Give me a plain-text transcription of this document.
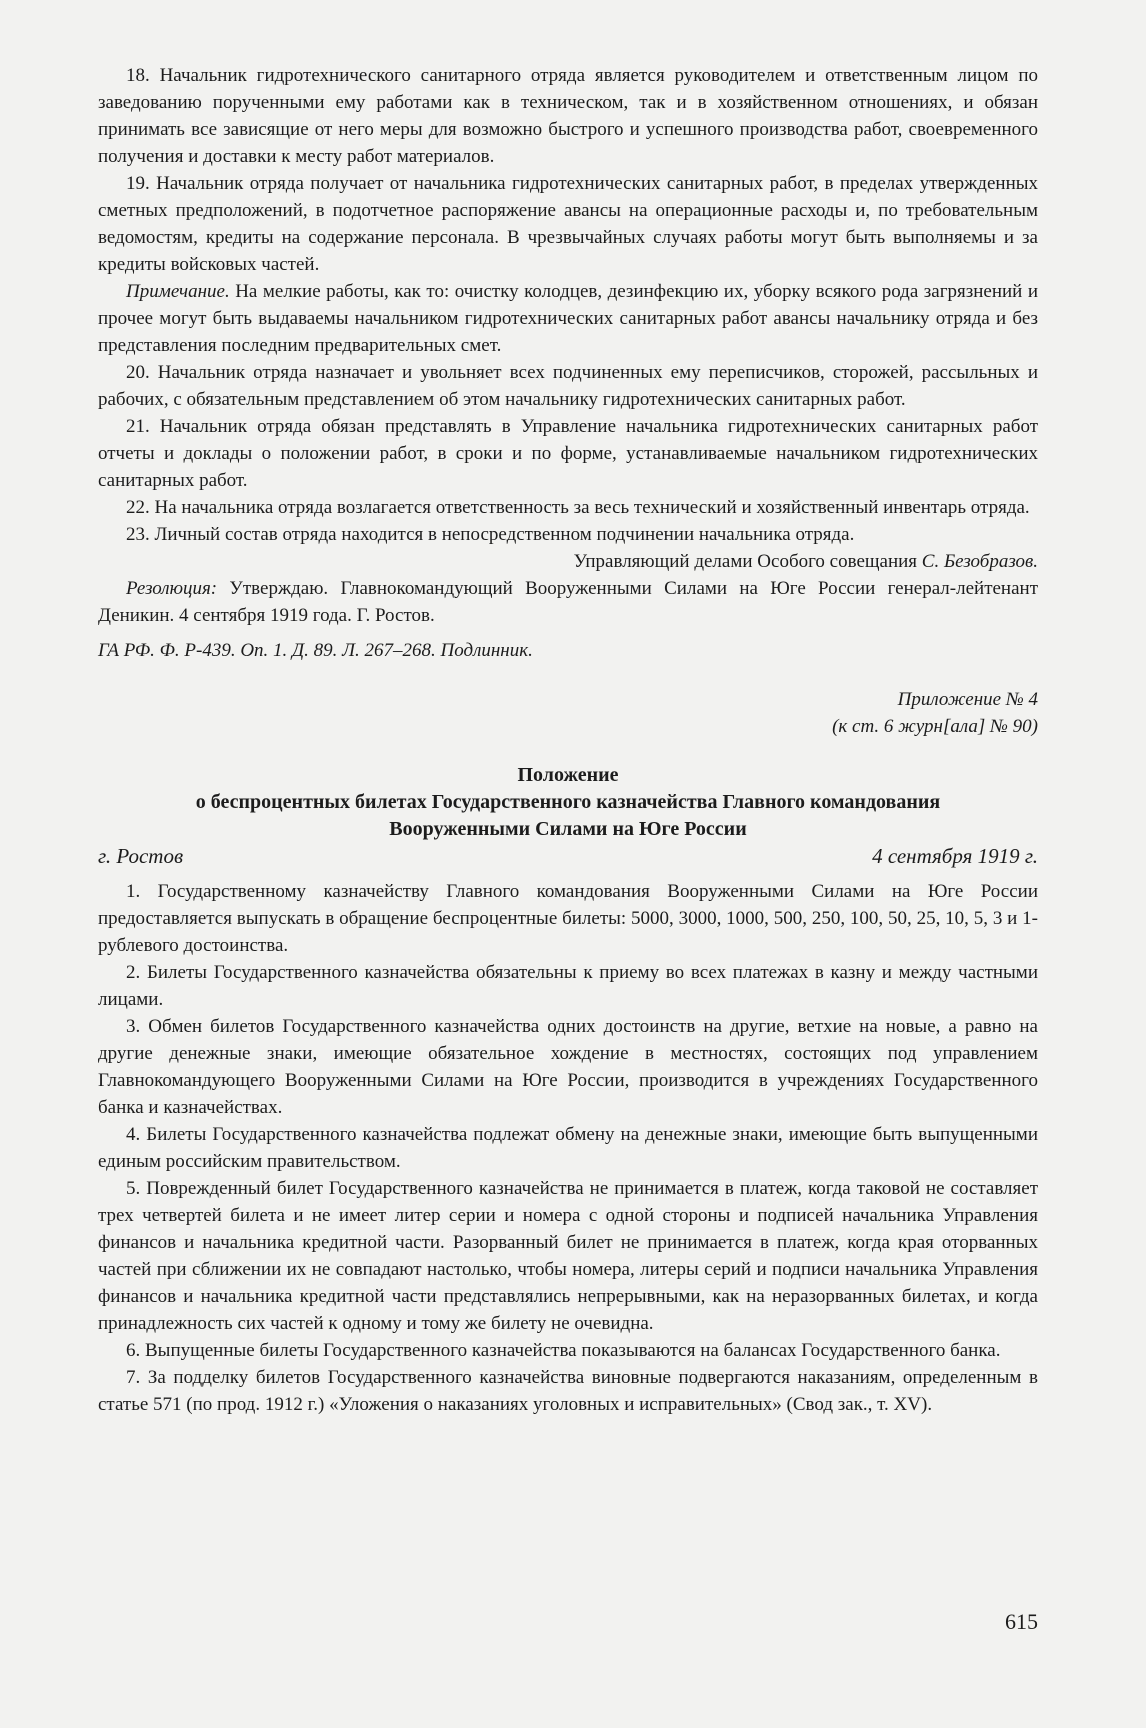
18. Начальник гидротехнического санитарного отряда является руководителем и ответственным лицом по заведованию порученными ему работами как в техническом, так и в хозяйственном отношениях, и обязан принимать все зависящие от него меры для возможно быстрого и успешного производства работ, своевременного получения и доставки к месту работ материалов.

19. Начальник отряда получает от начальника гидротехнических санитарных работ, в пределах утвержденных сметных предположений, в подотчетное распоряжение авансы на операционные расходы и, по требовательным ведомостям, кредиты на содержание персонала. В чрезвычайных случаях работы могут быть выполняемы и за кредиты войсковых частей.

Примечание. На мелкие работы, как то: очистку колодцев, дезинфекцию их, уборку всякого рода загрязнений и прочее могут быть выдаваемы начальником гидротехнических санитарных работ авансы начальнику отряда и без представления последним предварительных смет.

20. Начальник отряда назначает и увольняет всех подчиненных ему переписчиков, сторожей, рассыльных и рабочих, с обязательным представлением об этом начальнику гидротехнических санитарных работ.

21. Начальник отряда обязан представлять в Управление начальника гидротехнических санитарных работ отчеты и доклады о положении работ, в сроки и по форме, устанавливаемые начальником гидротехнических санитарных работ.

22. На начальника отряда возлагается ответственность за весь технический и хозяйственный инвентарь отряда.

23. Личный состав отряда находится в непосредственном подчинении начальника отряда.

Управляющий делами Особого совещания С. Безобразов.

Резолюция: Утверждаю. Главнокомандующий Вооруженными Силами на Юге России генерал-лейтенант Деникин. 4 сентября 1919 года. Г. Ростов.

ГА РФ. Ф. Р-439. Оп. 1. Д. 89. Л. 267–268. Подлинник.

Приложение № 4

(к ст. 6 журн[ала] № 90)

Положение

о беспроцентных билетах Государственного казначейства Главного командования

Вооруженными Силами на Юге России

г. Ростов	4 сентября 1919 г.

1. Государственному казначейству Главного командования Вооруженными Силами на Юге России предоставляется выпускать в обращение беспроцентные билеты: 5000, 3000, 1000, 500, 250, 100, 50, 25, 10, 5, 3 и 1-рублевого достоинства.

2. Билеты Государственного казначейства обязательны к приему во всех платежах в казну и между частными лицами.

3. Обмен билетов Государственного казначейства одних достоинств на другие, ветхие на новые, а равно на другие денежные знаки, имеющие обязательное хождение в местностях, состоящих под управлением Главнокомандующего Вооруженными Силами на Юге России, производится в учреждениях Государственного банка и казначействах.

4. Билеты Государственного казначейства подлежат обмену на денежные знаки, имеющие быть выпущенными единым российским правительством.

5. Поврежденный билет Государственного казначейства не принимается в платеж, когда таковой не составляет трех четвертей билета и не имеет литер серии и номера с одной стороны и подписей начальника Управления финансов и начальника кредитной части. Разорванный билет не принимается в платеж, когда края оторванных частей при сближении их не совпадают настолько, чтобы номера, литеры серий и подписи начальника Управления финансов и начальника кредитной части представлялись непрерывными, как на неразорванных билетах, и когда принадлежность сих частей к одному и тому же билету не очевидна.

6. Выпущенные билеты Государственного казначейства показываются на балансах Государственного банка.

7. За подделку билетов Государственного казначейства виновные подвергаются наказаниям, определенным в статье 571 (по прод. 1912 г.) «Уложения о наказаниях уголовных и исправительных» (Свод зак., т. XV).

615
